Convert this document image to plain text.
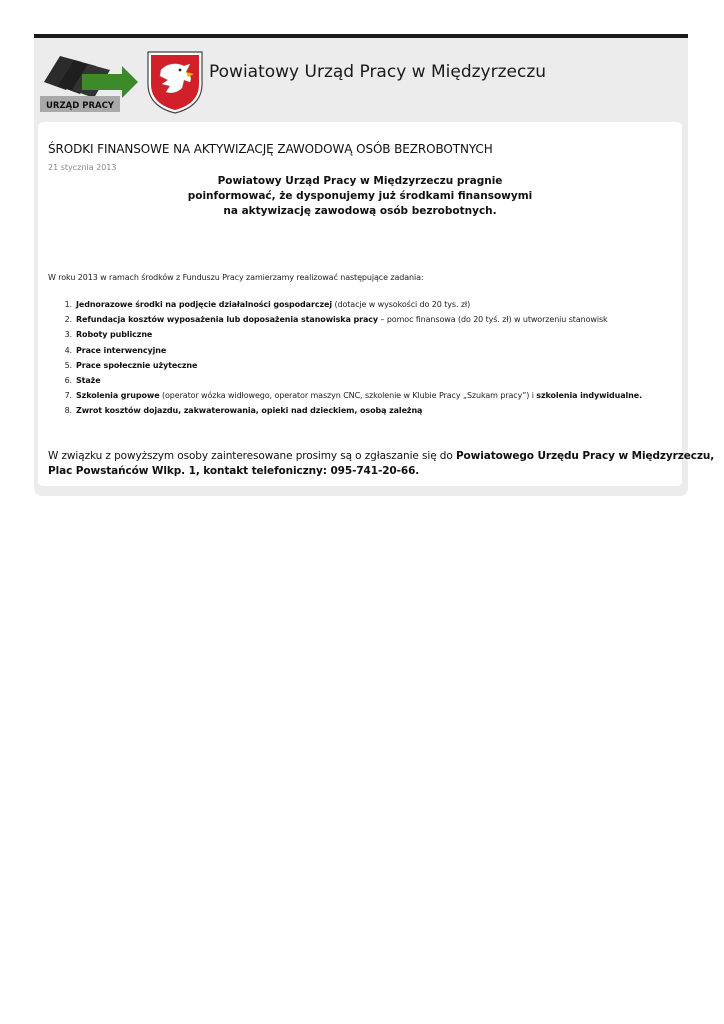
URZĄD PRACY
Powiatowy Urząd Pracy w Międzyrzeczu
ŚRODKI FINANSOWE NA AKTYWIZACJĘ ZAWODOWĄ OSÓB BEZROBOTNYCH
21 stycznia 2013
Powiatowy Urząd Pracy w Międzyrzeczu pragnie
poinformować, że dysponujemy już środkami finansowymi
na aktywizację zawodową osób bezrobotnych.
W roku 2013 w ramach środków z Funduszu Pracy zamierzamy realizować następujące zadania:
1. Jednorazowe środki na podjęcie działalności gospodarczej (dotacje w wysokości do 20 tys. zł)
2. Refundacja kosztów wyposażenia lub doposażenia stanowiska pracy – pomoc finansowa (do 20 tyś. zł) w utworzeniu stanowisk
3. Roboty publiczne
4. Prace interwencyjne
5. Prace społecznie użyteczne
6. Staże
7. Szkolenia grupowe (operator wózka widłowego, operator maszyn CNC, szkolenie w Klubie Pracy „Szukam pracy”) i szkolenia indywidualne.
8. Zwrot kosztów dojazdu, zakwaterowania, opieki nad dzieckiem, osobą zależną
W związku z powyższym osoby zainteresowane prosimy są o zgłaszanie się do Powiatowego Urzędu Pracy w Międzyrzeczu,
Plac Powstańców Wlkp. 1, kontakt telefoniczny: 095-741-20-66.
